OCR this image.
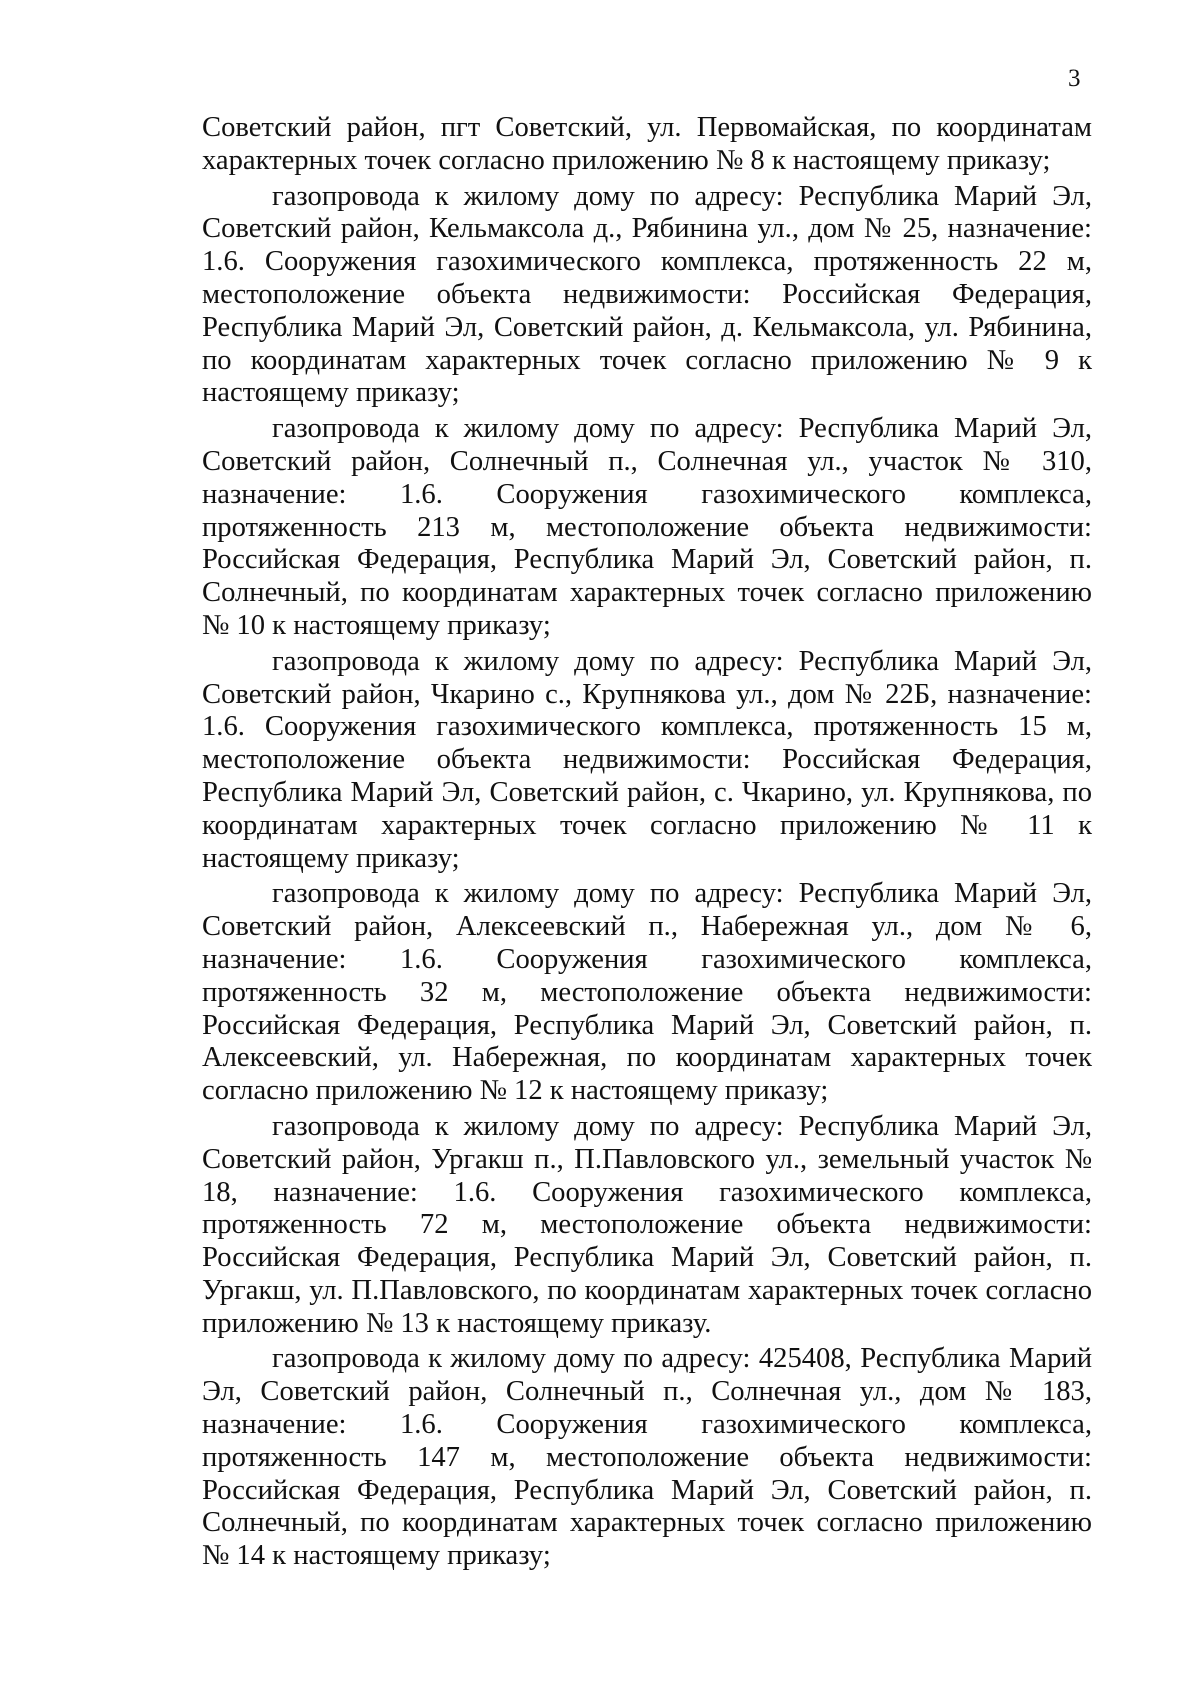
3

Советский район, пгт Советский, ул. Первомайская, по координатам характерных точек согласно приложению № 8 к настоящему приказу;

газопровода к жилому дому по адресу: Республика Марий Эл, Советский район, Кельмаксола д., Рябинина ул., дом № 25, назначение: 1.6. Сооружения газохимического комплекса, протяженность 22 м, местоположение объекта недвижимости: Российская Федерация, Республика Марий Эл, Советский район, д. Кельмаксола, ул. Рябинина, по координатам характерных точек согласно приложению № 9 к настоящему приказу;

газопровода к жилому дому по адресу: Республика Марий Эл, Советский район, Солнечный п., Солнечная ул., участок № 310, назначение: 1.6. Сооружения газохимического комплекса, протяженность 213 м, местоположение объекта недвижимости: Российская Федерация, Республика Марий Эл, Советский район, п. Солнечный, по координатам характерных точек согласно приложению № 10 к настоящему приказу;

газопровода к жилому дому по адресу: Республика Марий Эл, Советский район, Чкарино с., Крупнякова ул., дом № 22Б, назначение: 1.6. Сооружения газохимического комплекса, протяженность 15 м, местоположение объекта недвижимости: Российская Федерация, Республика Марий Эл, Советский район, с. Чкарино, ул. Крупнякова, по координатам характерных точек согласно приложению № 11 к настоящему приказу;

газопровода к жилому дому по адресу: Республика Марий Эл, Советский район, Алексеевский п., Набережная ул., дом № 6, назначение: 1.6. Сооружения газохимического комплекса, протяженность 32 м, местоположение объекта недвижимости: Российская Федерация, Республика Марий Эл, Советский район, п. Алексеевский, ул. Набережная, по координатам характерных точек согласно приложению № 12 к настоящему приказу;

газопровода к жилому дому по адресу: Республика Марий Эл, Советский район, Ургакш п., П.Павловского ул., земельный участок № 18, назначение: 1.6. Сооружения газохимического комплекса, протяженность 72 м, местоположение объекта недвижимости: Российская Федерация, Республика Марий Эл, Советский район, п. Ургакш, ул. П.Павловского, по координатам характерных точек согласно приложению № 13 к настоящему приказу.

газопровода к жилому дому по адресу: 425408, Республика Марий Эл, Советский район, Солнечный п., Солнечная ул., дом № 183, назначение: 1.6. Сооружения газохимического комплекса, протяженность 147 м, местоположение объекта недвижимости: Российская Федерация, Республика Марий Эл, Советский район, п. Солнечный, по координатам характерных точек согласно приложению № 14 к настоящему приказу;
